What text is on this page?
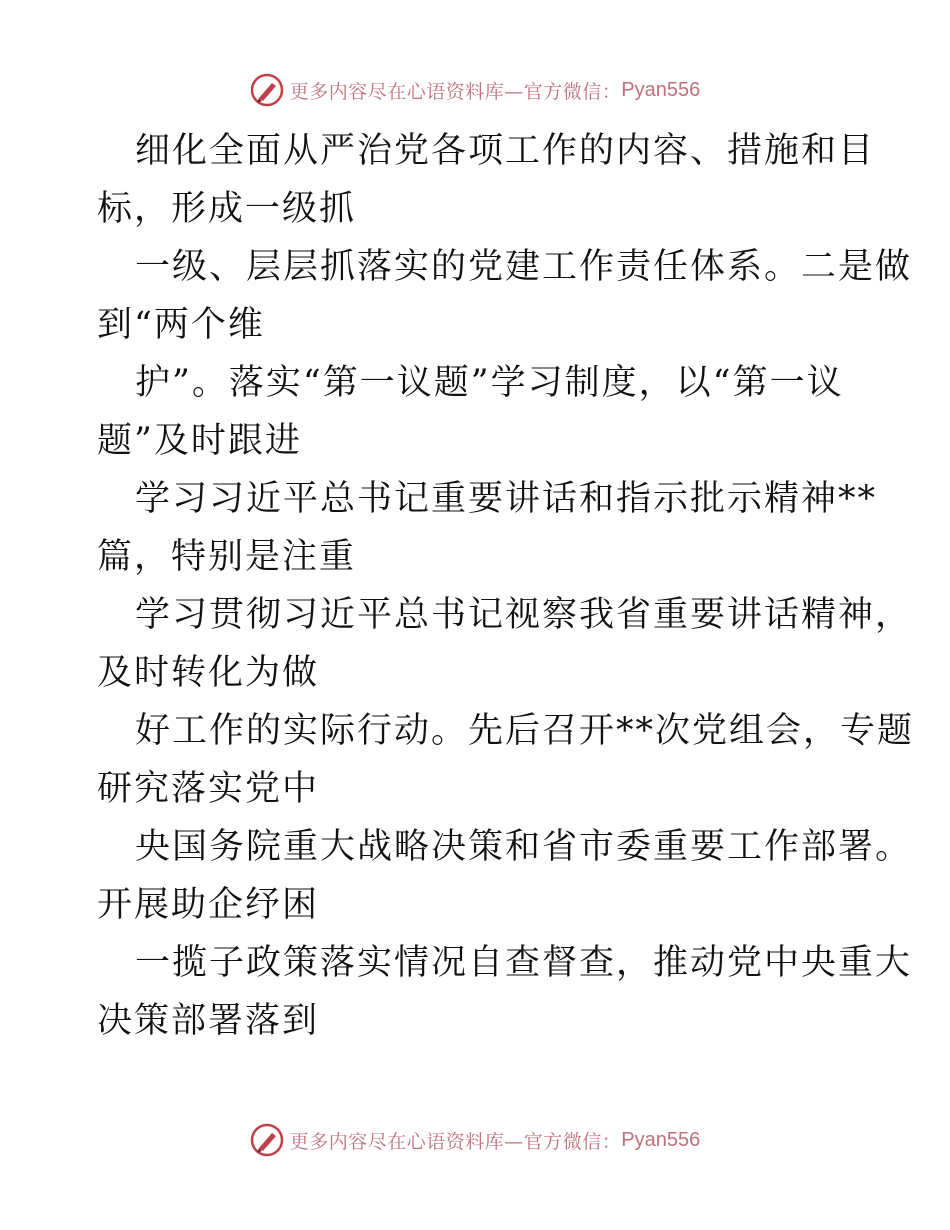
更多内容尽在心语资料库—官方微信： Pyan556
细化全面从严治党各项工作的内容、措施和目
标，形成一级抓
一级、层层抓落实的党建工作责任体系。二是做
到“两个维
护”。落实“第一议题”学习制度，以“第一议
题”及时跟进
学习习近平总书记重要讲话和指示批示精神**
篇，特别是注重
学习贯彻习近平总书记视察我省重要讲话精神，
及时转化为做
好工作的实际行动。先后召开**次党组会，专题
研究落实党中
央国务院重大战略决策和省市委重要工作部署。
开展助企纾困
一揽子政策落实情况自查督查，推动党中央重大
决策部署落到
更多内容尽在心语资料库—官方微信： Pyan556
